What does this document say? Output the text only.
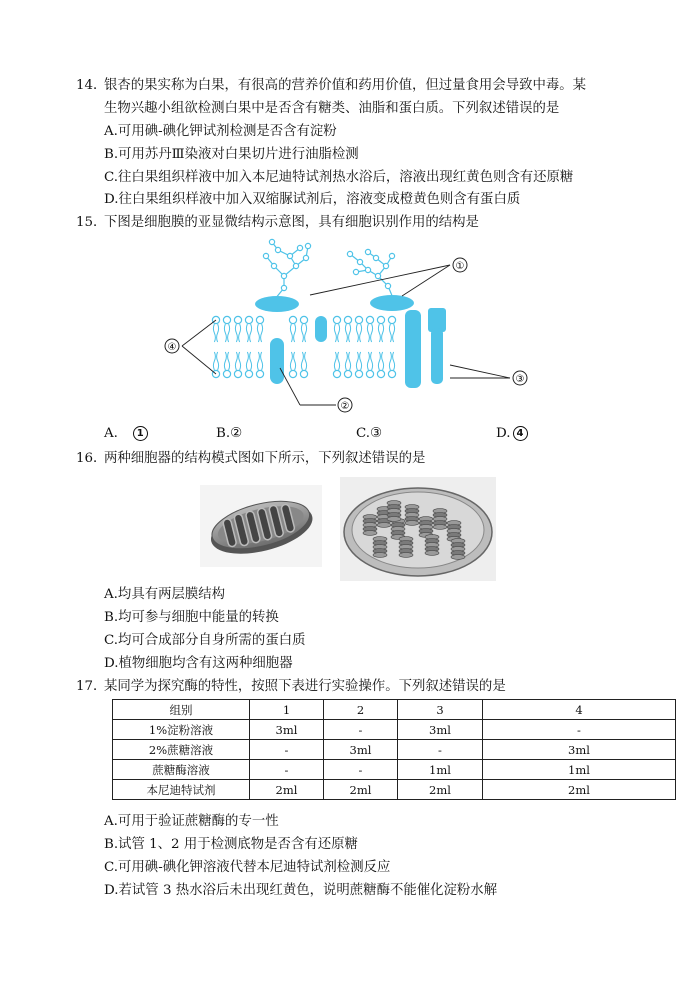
14．银杏的果实称为白果，有很高的营养价值和药用价值，但过量食用会导致中毒。某
生物兴趣小组欲检测白果中是否含有糖类、油脂和蛋白质。下列叙述错误的是
A.可用碘-碘化钾试剂检测是否含有淀粉
B.可用苏丹Ⅲ染液对白果切片进行油脂检测
C.往白果组织样液中加入本尼迪特试剂热水浴后，溶液出现红黄色则含有还原糖
D.往白果组织样液中加入双缩脲试剂后，溶液变成橙黄色则含有蛋白质
15．下图是细胞膜的亚显微结构示意图，具有细胞识别作用的结构是
①
②
③
④
A. 1	B.②	C.③	D. 4
16．两种细胞器的结构模式图如下所示，下列叙述错误的是
A.均具有两层膜结构
B.均可参与细胞中能量的转换
C.均可合成部分自身所需的蛋白质
D.植物细胞均含有这两种细胞器
17．某同学为探究酶的特性，按照下表进行实验操作。下列叙述错误的是
组别	1	2	3	4
1%淀粉溶液	3ml	-	3ml	-
2%蔗糖溶液	-	3ml	-	3ml
蔗糖酶溶液	-	-	1ml	1ml
本尼迪特试剂	2ml	2ml	2ml	2ml
A.可用于验证蔗糖酶的专一性
B.试管 1、2 用于检测底物是否含有还原糖
C.可用碘-碘化钾溶液代替本尼迪特试剂检测反应
D.若试管 3 热水浴后未出现红黄色，说明蔗糖酶不能催化淀粉水解
